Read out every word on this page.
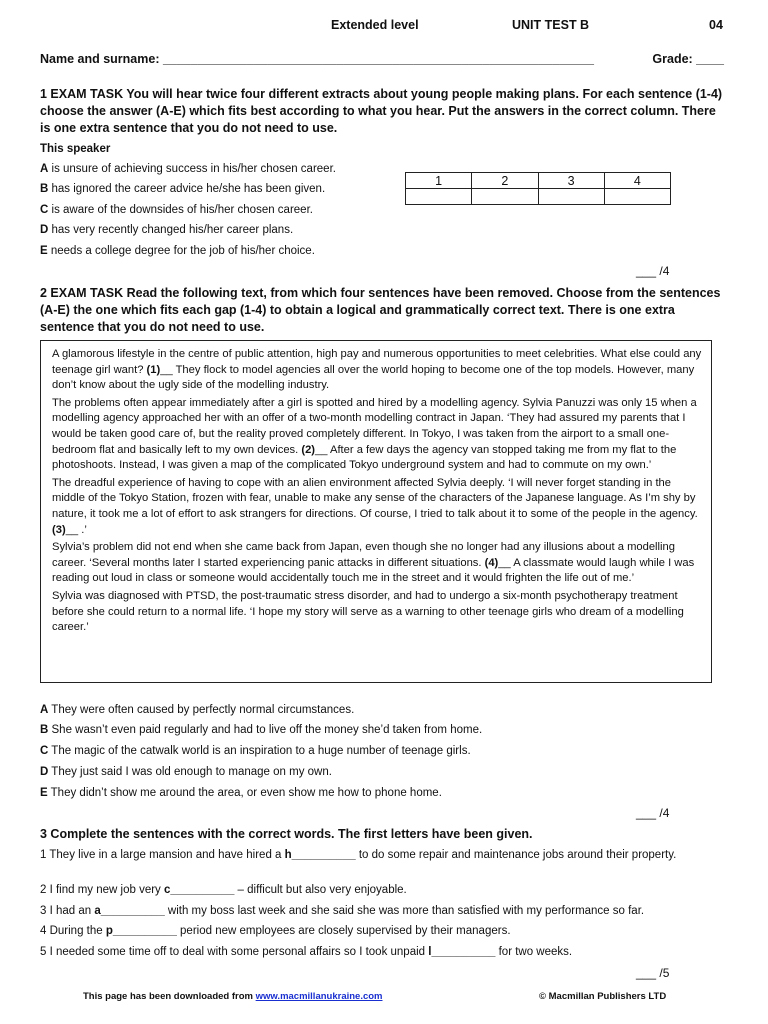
Extended level	UNIT TEST B	04
Name and surname: ______________________________________________________________	Grade: ____
1 EXAM TASK You will hear twice four different extracts about young people making plans. For each sentence (1-4) choose the answer (A-E) which fits best according to what you hear. Put the answers in the correct column. There is one extra sentence that you do not need to use.
This speaker
A is unsure of achieving success in his/her chosen career.
B has ignored the career advice he/she has been given.
C is aware of the downsides of his/her chosen career.
D has very recently changed his/her career plans.
E needs a college degree for the job of his/her choice.
1	2	3	4

___ /4
2 EXAM TASK Read the following text, from which four sentences have been removed. Choose from the sentences (A-E) the one which fits each gap (1-4) to obtain a logical and grammatically correct text. There is one extra sentence that you do not need to use.

A glamorous lifestyle in the centre of public attention, high pay and numerous opportunities to meet celebrities. What else could any teenage girl want? (1)__ They flock to model agencies all over the world hoping to become one of the top models. However, many don’t know about the ugly side of the modelling industry.

The problems often appear immediately after a girl is spotted and hired by a modelling agency. Sylvia Panuzzi was only 15 when a modelling agency approached her with an offer of a two-month modelling contract in Japan. ‘They had assured my parents that I would be taken good care of, but the reality proved completely different. In Tokyo, I was taken from the airport to a small one-bedroom flat and basically left to my own devices. (2)__ After a few days the agency van stopped taking me from my flat to the photoshoots. Instead, I was given a map of the complicated Tokyo underground system and had to commute on my own.’

The dreadful experience of having to cope with an alien environment affected Sylvia deeply. ‘I will never forget standing in the middle of the Tokyo Station, frozen with fear, unable to make any sense of the characters of the Japanese language. As I’m shy by nature, it took me a lot of effort to ask strangers for directions. Of course, I tried to talk about it to some of the people in the agency. (3)__ .’

Sylvia’s problem did not end when she came back from Japan, even though she no longer had any illusions about a modelling career. ‘Several months later I started experiencing panic attacks in different situations. (4)__ A classmate would laugh while I was reading out loud in class or someone would accidentally touch me in the street and it would frighten the life out of me.’

Sylvia was diagnosed with PTSD, the post-traumatic stress disorder, and had to undergo a six-month psychotherapy treatment before she could return to a normal life. ‘I hope my story will serve as a warning to other teenage girls who dream of a modelling career.’

A They were often caused by perfectly normal circumstances.
B She wasn’t even paid regularly and had to live off the money she’d taken from home.
C The magic of the catwalk world is an inspiration to a huge number of teenage girls.
D They just said I was old enough to manage on my own.
E They didn’t show me around the area, or even show me how to phone home.
___ /4
3 Complete the sentences with the correct words. The first letters have been given.
1 They live in a large mansion and have hired a h__________ to do some repair and maintenance jobs around their property.
2 I find my new job very c__________ – difficult but also very enjoyable.
3 I had an a__________ with my boss last week and she said she was more than satisfied with my performance so far.
4 During the p__________ period new employees are closely supervised by their managers.
5 I needed some time off to deal with some personal affairs so I took unpaid l__________ for two weeks.
___ /5
This page has been downloaded from www.macmillanukraine.com	© Macmillan Publishers LTD
